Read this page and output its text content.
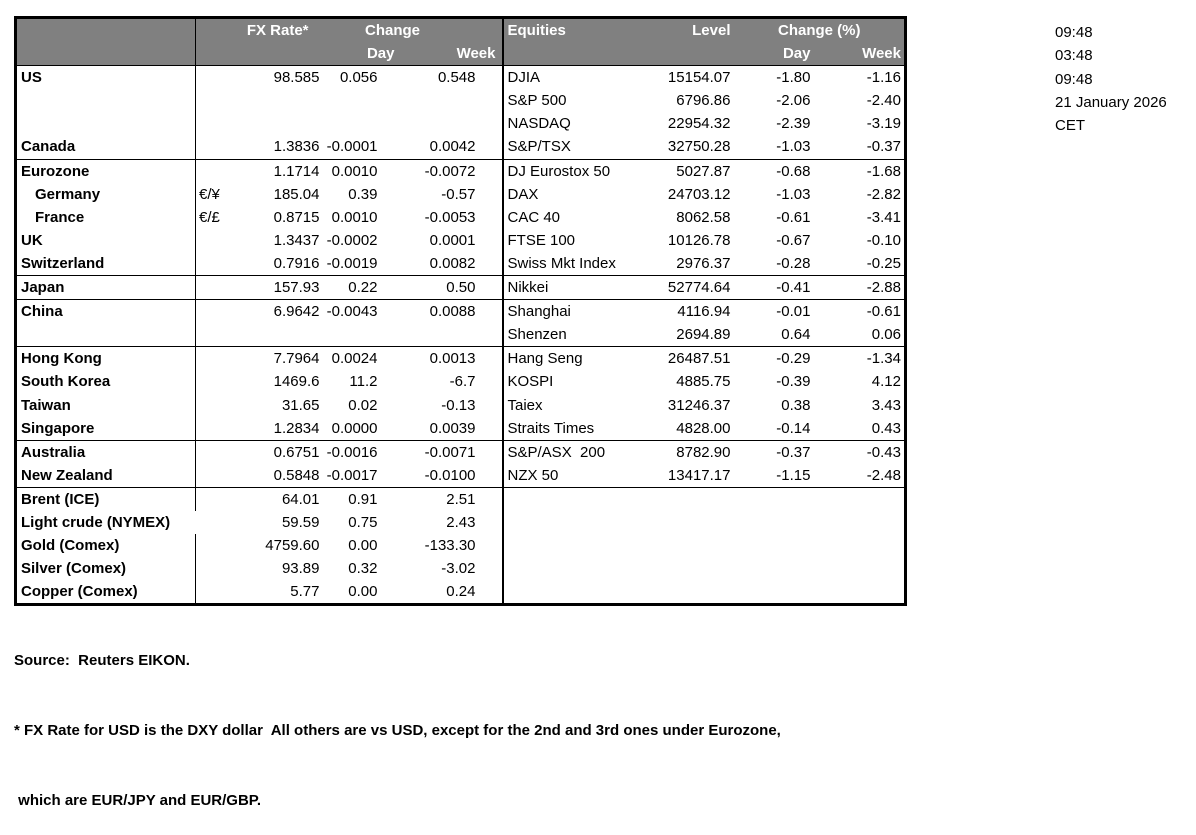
		FX Rate*	Change		Equities	Level	Change (%)	
			Day	Week			Day	Week
US		98.585	0.056	0.548	DJIA	15154.07	-1.80	-1.16
					S&P 500	6796.86	-2.06	-2.40
					NASDAQ	22954.32	-2.39	-3.19
Canada		1.3836	-0.0001	0.0042	S&P/TSX	32750.28	-1.03	-0.37
Eurozone		1.1714	0.0010	-0.0072	DJ Eurostox 50	5027.87	-0.68	-1.68
Germany	€/¥	185.04	0.39	-0.57	DAX	24703.12	-1.03	-2.82
France	€/£	0.8715	0.0010	-0.0053	CAC 40	8062.58	-0.61	-3.41
UK		1.3437	-0.0002	0.0001	FTSE 100	10126.78	-0.67	-0.10
Switzerland		0.7916	-0.0019	0.0082	Swiss Mkt Index	2976.37	-0.28	-0.25
Japan		157.93	0.22	0.50	Nikkei	52774.64	-0.41	-2.88
China		6.9642	-0.0043	0.0088	Shanghai	4116.94	-0.01	-0.61
					Shenzen	2694.89	0.64	0.06
Hong Kong		7.7964	0.0024	0.0013	Hang Seng	26487.51	-0.29	-1.34
South Korea		1469.6	11.2	-6.7	KOSPI	4885.75	-0.39	4.12
Taiwan		31.65	0.02	-0.13	Taiex	31246.37	0.38	3.43
Singapore		1.2834	0.0000	0.0039	Straits Times	4828.00	-0.14	0.43
Australia		0.6751	-0.0016	-0.0071	S&P/ASX  200	8782.90	-0.37	-0.43
New Zealand		0.5848	-0.0017	-0.0100	NZX 50	13417.17	-1.15	-2.48
Brent (ICE)		64.01	0.91	2.51				
Light crude (NYMEX)		59.59	0.75	2.43				
Gold (Comex)		4759.60	0.00	-133.30				
Silver (Comex)		93.89	0.32	-3.02				
Copper (Comex)		5.77	0.00	0.24				
09:48
03:48
09:48
21 January 2026
CET

Source:  Reuters EIKON.

* FX Rate for USD is the DXY dollar  All others are vs USD, except for the 2nd and 3rd ones under Eurozone,

which are EUR/JPY and EUR/GBP.
